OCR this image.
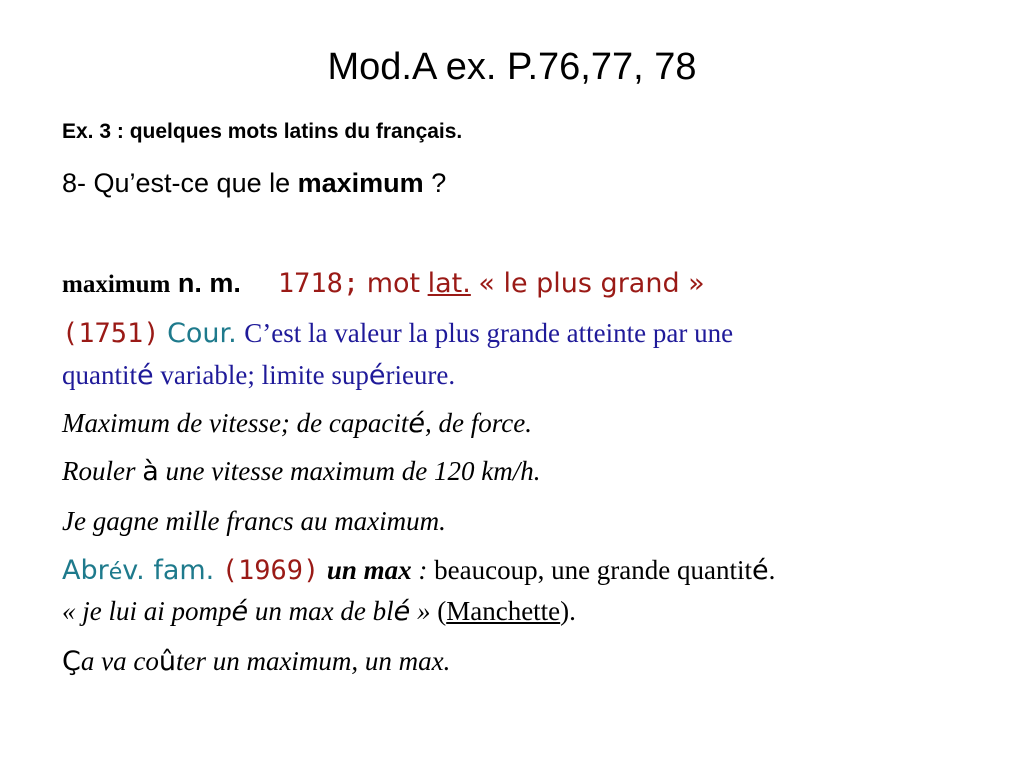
Mod.A ex. P.76,77, 78
Ex. 3 : quelques mots latins du français.
8- Qu’est-ce que le maximum ?
maximum n. m. 1718; mot lat. « le plus grand »
(1751) Cour. C’est la valeur la plus grande atteinte par une
quantité variable; limite supérieure.
Maximum de vitesse; de capacité, de force.
Rouler à une vitesse maximum de 120 km/h.
Je gagne mille francs au maximum.
Abrév. fam. (1969) un max : beaucoup, une grande quantité.
« je lui ai pompé un max de blé » (Manchette).
Ça va coûter un maximum, un max.
